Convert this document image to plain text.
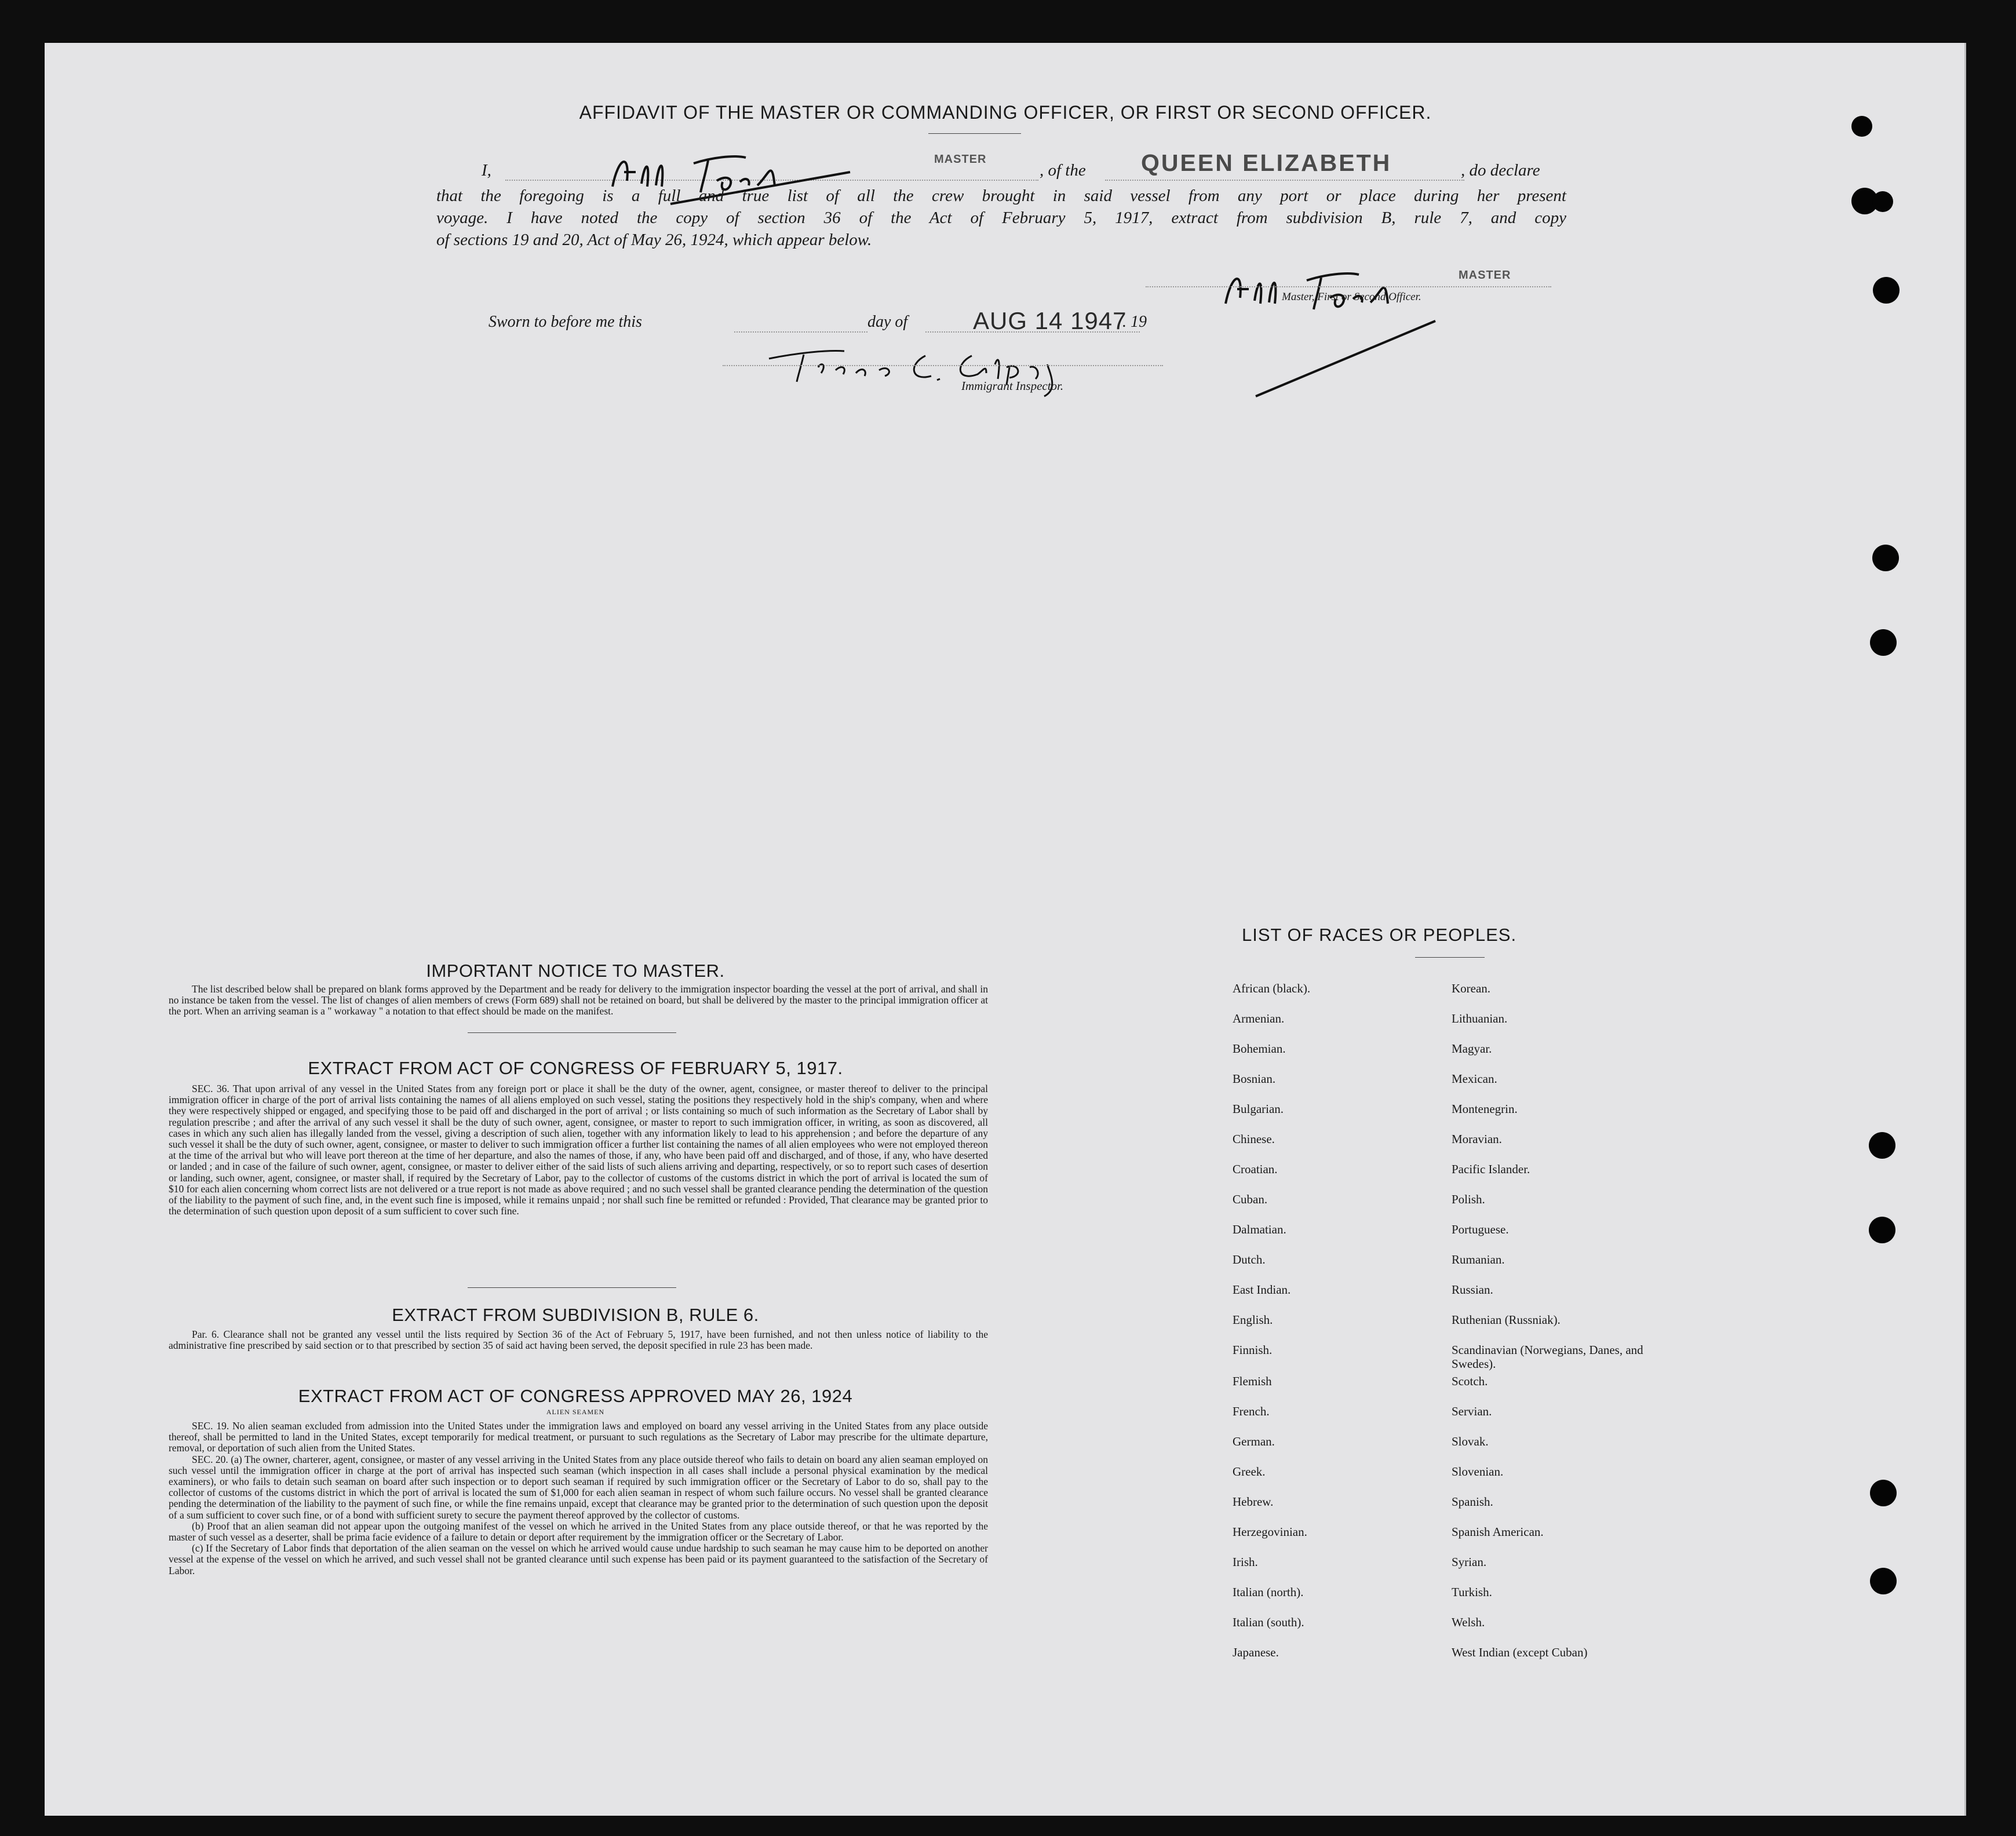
AFFIDAVIT OF THE MASTER OR COMMANDING OFFICER, OR FIRST OR SECOND OFFICER.
I,
MASTER
, of the QUEEN ELIZABETH	, do declare
that the foregoing is a full and true list of all the crew brought in said vessel from any port or place during her present
voyage. I have noted the copy of section 36 of the Act of February 5, 1917, extract from subdivision B, rule 7, and copy
of sections 19 and 20, Act of May 26, 1924, which appear below.
MASTER
Master, First or Second Officer.
Sworn to before me this	day of	AUG 14 1947
. 19
Immigrant Inspector.
IMPORTANT NOTICE TO MASTER.

The list described below shall be prepared on blank forms approved by the Department and be ready for delivery to the immigration inspector boarding the vessel at the port of arrival, and shall in no instance be taken from the vessel. The list of changes of alien members of crews (Form 689) shall not be retained on board, but shall be delivered by the master to the principal immigration officer at the port. When an arriving seaman is a " workaway " a notation to that effect should be made on the manifest.

EXTRACT FROM ACT OF CONGRESS OF FEBRUARY 5, 1917.

SEC. 36. That upon arrival of any vessel in the United States from any foreign port or place it shall be the duty of the owner, agent, consignee, or master thereof to deliver to the principal immigration officer in charge of the port of arrival lists containing the names of all aliens employed on such vessel, stating the positions they respectively hold in the ship's company, when and where they were respectively shipped or engaged, and specifying those to be paid off and discharged in the port of arrival ; or lists containing so much of such information as the Secretary of Labor shall by regulation prescribe ; and after the arrival of any such vessel it shall be the duty of such owner, agent, consignee, or master to report to such immigration officer, in writing, as soon as discovered, all cases in which any such alien has illegally landed from the vessel, giving a description of such alien, together with any information likely to lead to his apprehension ; and before the departure of any such vessel it shall be the duty of such owner, agent, consignee, or master to deliver to such immigration officer a further list containing the names of all alien employees who were not employed thereon at the time of the arrival but who will leave port thereon at the time of her departure, and also the names of those, if any, who have been paid off and discharged, and of those, if any, who have deserted or landed ; and in case of the failure of such owner, agent, consignee, or master to deliver either of the said lists of such aliens arriving and departing, respectively, or so to report such cases of desertion or landing, such owner, agent, consignee, or master shall, if required by the Secretary of Labor, pay to the collector of customs of the customs district in which the port of arrival is located the sum of $10 for each alien concerning whom correct lists are not delivered or a true report is not made as above required ; and no such vessel shall be granted clearance pending the determination of the question of the liability to the payment of such fine, and, in the event such fine is imposed, while it remains unpaid ; nor shall such fine be remitted or refunded : Provided, That clearance may be granted prior to the determination of such question upon deposit of a sum sufficient to cover such fine.

EXTRACT FROM SUBDIVISION B, RULE 6.

Par. 6. Clearance shall not be granted any vessel until the lists required by Section 36 of the Act of February 5, 1917, have been furnished, and not then unless notice of liability to the administrative fine prescribed by said section or to that prescribed by section 35 of said act having been served, the deposit specified in rule 23 has been made.

EXTRACT FROM ACT OF CONGRESS APPROVED MAY 26, 1924
ALIEN SEAMEN

SEC. 19. No alien seaman excluded from admission into the United States under the immigration laws and employed on board any vessel arriving in the United States from any place outside thereof, shall be permitted to land in the United States, except temporarily for medical treatment, or pursuant to such regulations as the Secretary of Labor may prescribe for the ultimate departure, removal, or deportation of such alien from the United States.

SEC. 20. (a) The owner, charterer, agent, consignee, or master of any vessel arriving in the United States from any place outside thereof who fails to detain on board any alien seaman employed on such vessel until the immigration officer in charge at the port of arrival has inspected such seaman (which inspection in all cases shall include a personal physical examination by the medical examiners), or who fails to detain such seaman on board after such inspection or to deport such seaman if required by such immigration officer or the Secretary of Labor to do so, shall pay to the collector of customs of the customs district in which the port of arrival is located the sum of $1,000 for each alien seaman in respect of whom such failure occurs. No vessel shall be granted clearance pending the determination of the liability to the payment of such fine, or while the fine remains unpaid, except that clearance may be granted prior to the determination of such question upon the deposit of a sum sufficient to cover such fine, or of a bond with sufficient surety to secure the payment thereof approved by the collector of customs.

(b) Proof that an alien seaman did not appear upon the outgoing manifest of the vessel on which he arrived in the United States from any place outside thereof, or that he was reported by the master of such vessel as a deserter, shall be prima facie evidence of a failure to detain or deport after requirement by the immigration officer or the Secretary of Labor.

(c) If the Secretary of Labor finds that deportation of the alien seaman on the vessel on which he arrived would cause undue hardship to such seaman he may cause him to be deported on another vessel at the expense of the vessel on which he arrived, and such vessel shall not be granted clearance until such expense has been paid or its payment guaranteed to the satisfaction of the Secretary of Labor.

LIST OF RACES OR PEOPLES.
African (black).
Armenian.
Bohemian.
Bosnian.
Bulgarian.
Chinese.
Croatian.
Cuban.
Dalmatian.
Dutch.
East Indian.
English.
Finnish.
Flemish
French.
German.
Greek.
Hebrew.
Herzegovinian.
Irish.
Italian (north).
Italian (south).
Japanese.
Korean.
Lithuanian.
Magyar.
Mexican.
Montenegrin.
Moravian.
Pacific Islander.
Polish.
Portuguese.
Rumanian.
Russian.
Ruthenian (Russniak).
Scandinavian (Norwegians, Danes, and Swedes).
Scotch.
Servian.
Slovak.
Slovenian.
Spanish.
Spanish American.
Syrian.
Turkish.
Welsh.
West Indian (except Cuban)
